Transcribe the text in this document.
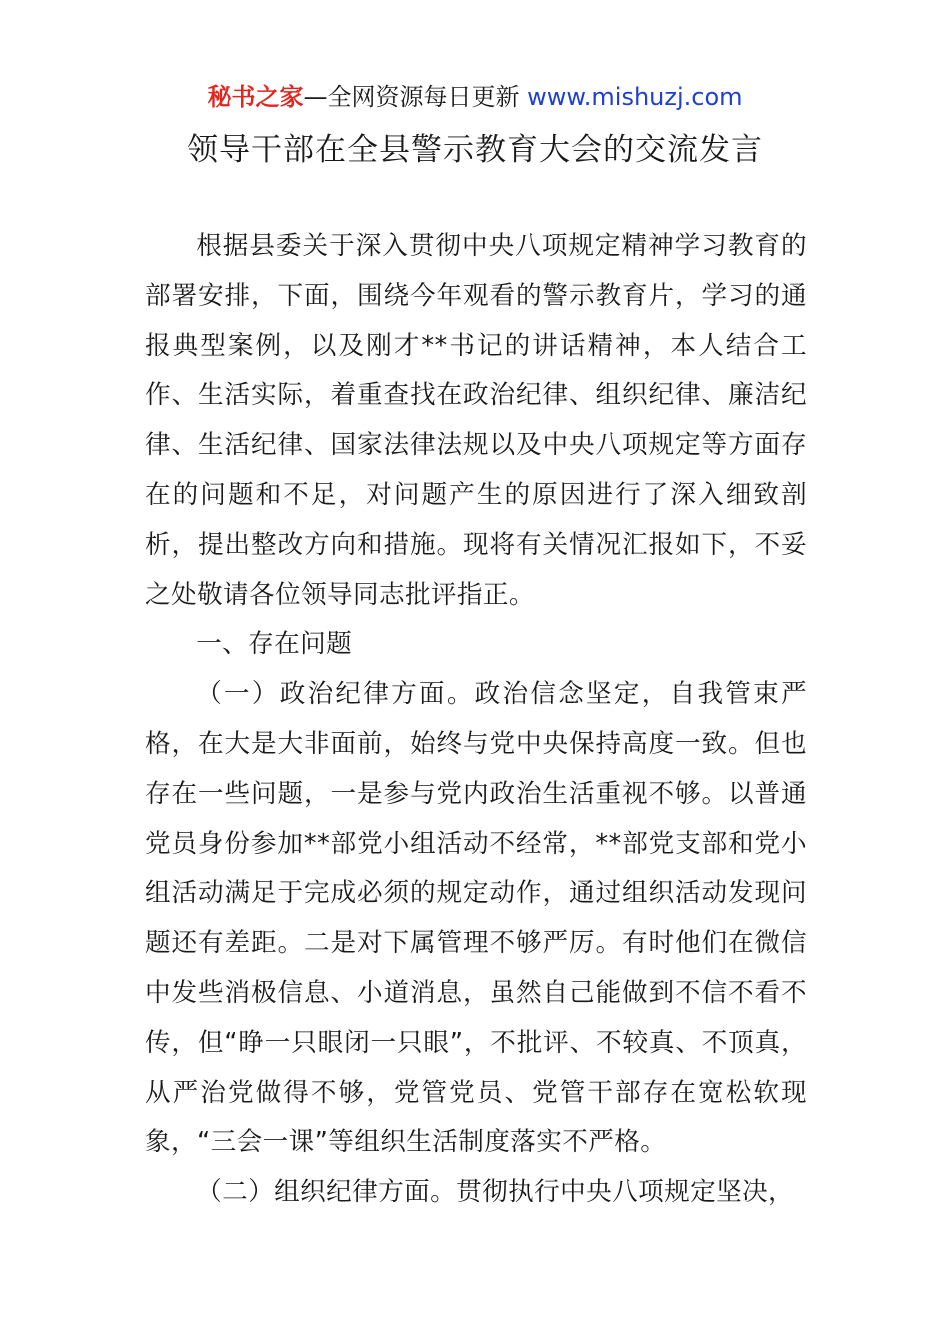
秘书之家—全网资源每日更新 www.mishuzj.com
领导干部在全县警示教育大会的交流发言

根据县委关于深入贯彻中央八项规定精神学习教育的部署安排，下面，围绕今年观看的警示教育片，学习的通报典型案例，以及刚才**书记的讲话精神，本人结合工作、生活实际，着重查找在政治纪律、组织纪律、廉洁纪律、生活纪律、国家法律法规以及中央八项规定等方面存在的问题和不足，对问题产生的原因进行了深入细致剖析，提出整改方向和措施。现将有关情况汇报如下，不妥之处敬请各位领导同志批评指正。

一、存在问题

（一）政治纪律方面。政治信念坚定，自我管束严格，在大是大非面前，始终与党中央保持高度一致。但也存在一些问题，一是参与党内政治生活重视不够。以普通党员身份参加**部党小组活动不经常，**部党支部和党小组活动满足于完成必须的规定动作，通过组织活动发现问题还有差距。二是对下属管理不够严厉。有时他们在微信中发些消极信息、小道消息，虽然自己能做到不信不看不传，但“睁一只眼闭一只眼”，不批评、不较真、不顶真，从严治党做得不够，党管党员、党管干部存在宽松软现象，“三会一课”等组织生活制度落实不严格。

（二）组织纪律方面。贯彻执行中央八项规定坚决，
